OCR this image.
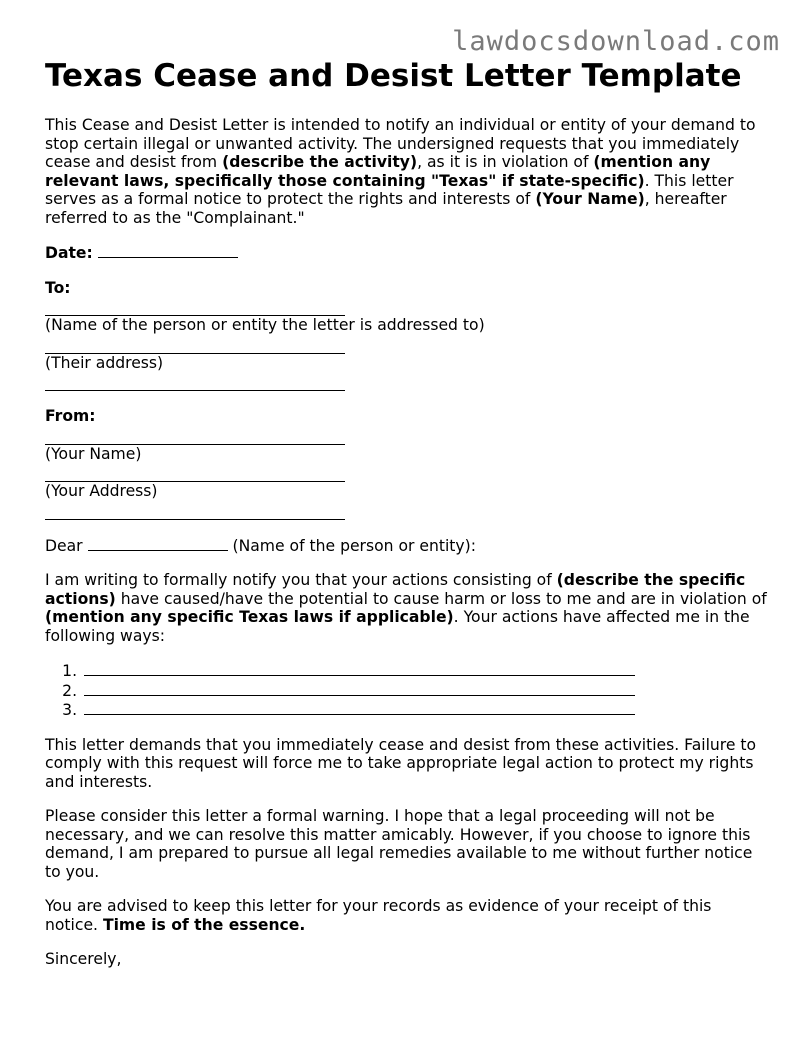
lawdocsdownload.com
Texas Cease and Desist Letter Template

This Cease and Desist Letter is intended to notify an individual or entity of your demand to stop certain illegal or unwanted activity. The undersigned requests that you immediately cease and desist from (describe the activity), as it is in violation of (mention any relevant laws, specifically those containing "Texas" if state-specific). This letter serves as a formal notice to protect the rights and interests of (Your Name), hereafter referred to as the "Complainant."

Date:

To:

(Name of the person or entity the letter is addressed to)
(Their address)

From:

(Your Name)
(Your Address)

Dear	(Name of the person or entity):

I am writing to formally notify you that your actions consisting of (describe the specific actions) have caused/have the potential to cause harm or loss to me and are in violation of (mention any specific Texas laws if applicable). Your actions have affected me in the following ways:

1.
2.
3.

This letter demands that you immediately cease and desist from these activities. Failure to comply with this request will force me to take appropriate legal action to protect my rights and interests.

Please consider this letter a formal warning. I hope that a legal proceeding will not be necessary, and we can resolve this matter amicably. However, if you choose to ignore this demand, I am prepared to pursue all legal remedies available to me without further notice to you.

You are advised to keep this letter for your records as evidence of your receipt of this notice. Time is of the essence.

Sincerely,
